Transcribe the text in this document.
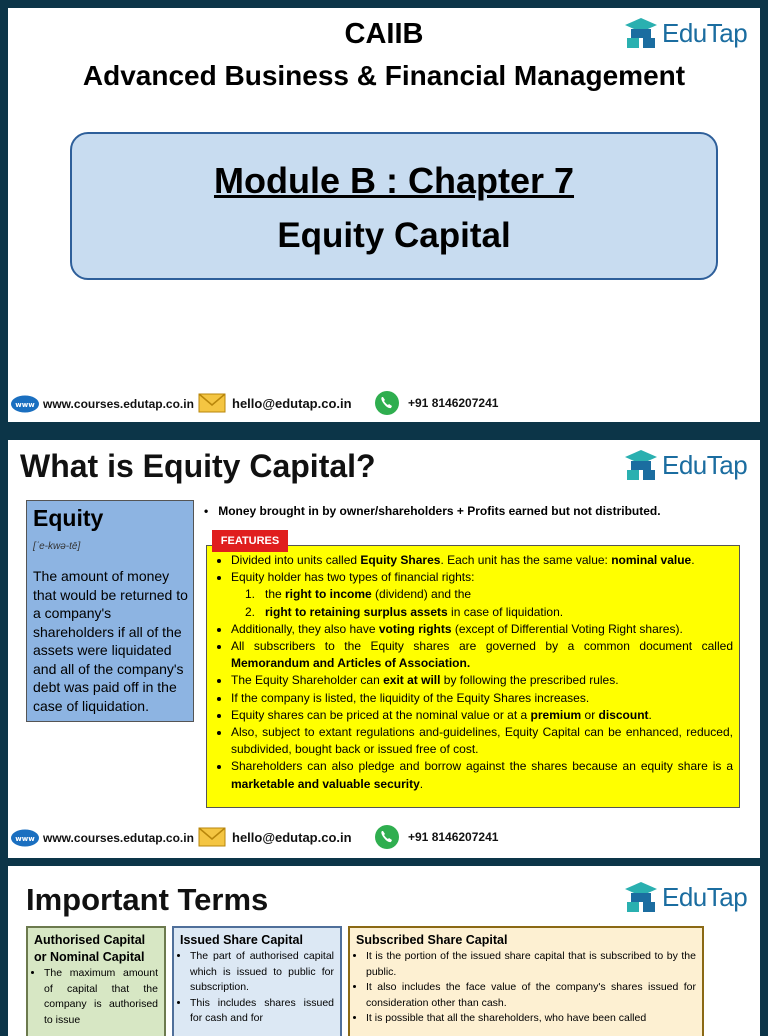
EduTap
CAIIB
Advanced Business & Financial Management
Module B : Chapter 7
Equity Capital
www www.courses.edutap.co.in	hello@edutap.co.in	+91 8146207241
What is Equity Capital?	EduTap
Equity
[ˈe-kwə-tē]
The amount of money that would be returned to a company's shareholders if all of the assets were liquidated and all of the company's debt was paid off in the case of liquidation.
• Money brought in by owner/shareholders + Profits earned but not distributed.
• Divided into units called Equity Shares. Each unit has the same value: nominal value.
• Equity holder has two types of financial rights:
1. the right to income (dividend) and the
2. right to retaining surplus assets in case of liquidation.
• Additionally, they also have voting rights (except of Differential Voting Right shares).
• All subscribers to the Equity shares are governed by a common document called Memorandum and Articles of Association.
• The Equity Shareholder can exit at will by following the prescribed rules.
• If the company is listed, the liquidity of the Equity Shares increases.
• Equity shares can be priced at the nominal value or at a premium or discount.
• Also, subject to extant regulations and-guidelines, Equity Capital can be enhanced, reduced, subdivided, bought back or issued free of cost.
• Shareholders can also pledge and borrow against the shares because an equity share is a marketable and valuable security.
FEATURES
www www.courses.edutap.co.in	hello@edutap.co.in	+91 8146207241
Important Terms	EduTap
Authorised Capital or Nominal Capital
• The maximum amount of capital that the company is authorised to issue
Issued Share Capital
• The part of authorised capital which is issued to public for subscription.
• This includes shares issued for cash and for
Subscribed Share Capital
• It is the portion of the issued share capital that is subscribed to by the public.
• It also includes the face value of the company's shares issued for consideration other than cash.
• It is possible that all the shareholders, who have been called
